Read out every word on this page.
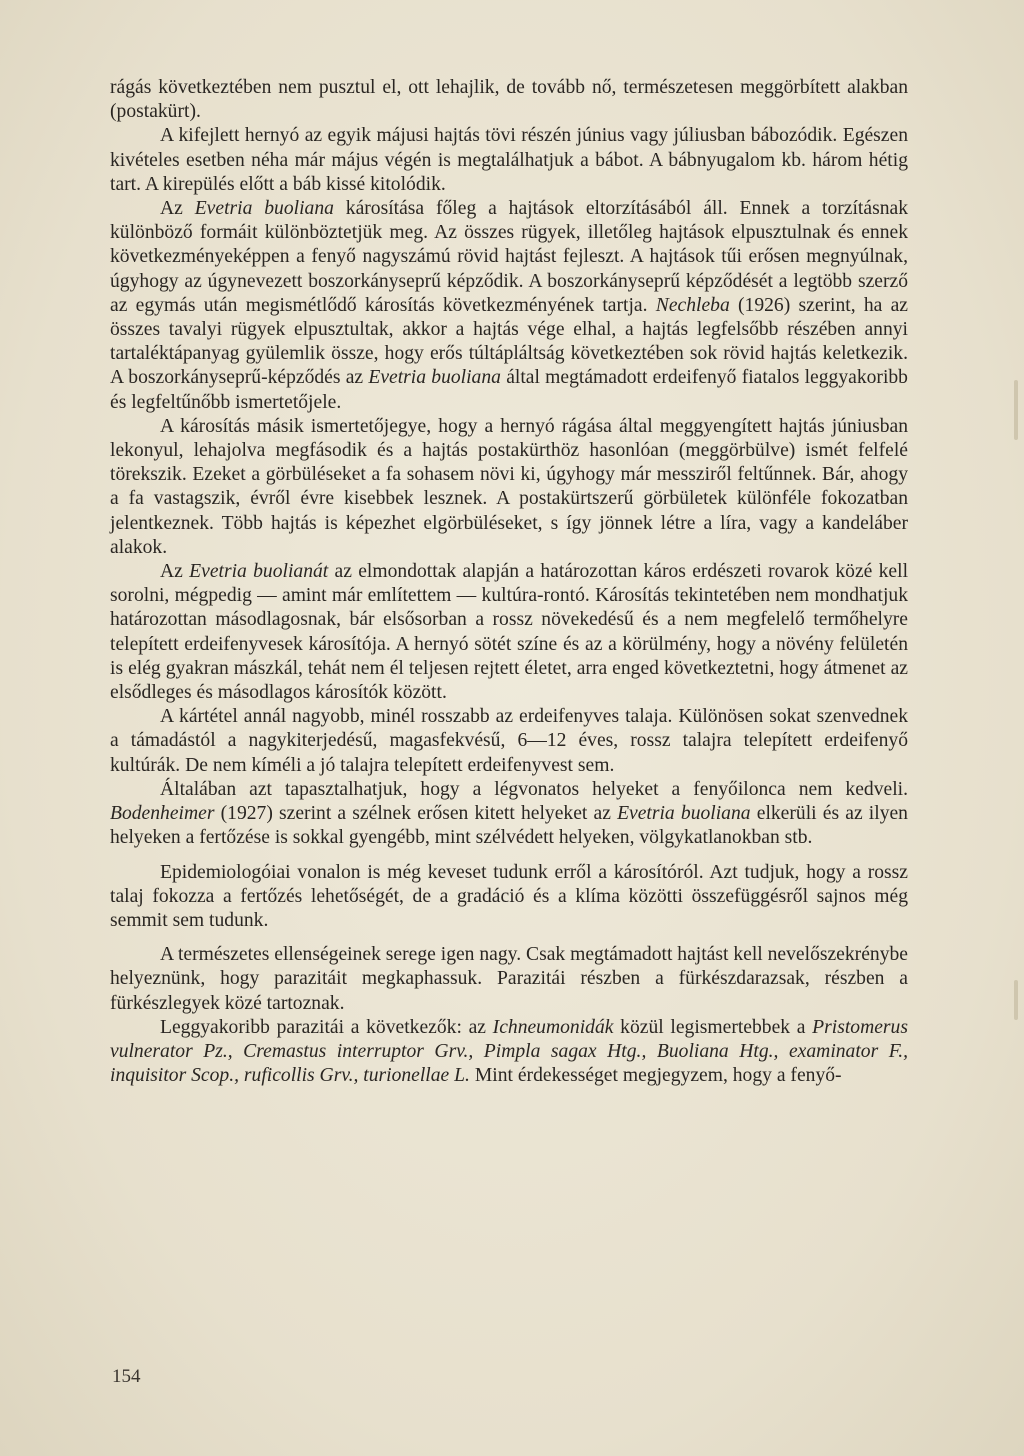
rágás következtében nem pusztul el, ott lehajlik, de tovább nő, természetesen meggörbített alakban (postakürt).

A kifejlett hernyó az egyik májusi hajtás tövi részén június vagy júliusban bábozódik. Egészen kivételes esetben néha már május végén is megtalálhatjuk a bábot. A bábnyugalom kb. három hétig tart. A kirepülés előtt a báb kissé kitolódik.

Az Evetria buoliana károsítása főleg a hajtások eltorzításából áll. Ennek a torzításnak különböző formáit különböztetjük meg. Az összes rügyek, illetőleg hajtások elpusztulnak és ennek következményeképpen a fenyő nagyszámú rövid hajtást fejleszt. A hajtások tűi erősen megnyúlnak, úgyhogy az úgynevezett boszorkányseprű képződik. A boszorkányseprű képződését a legtöbb szerző az egymás után megismétlődő károsítás következményének tartja. Nechleba (1926) szerint, ha az összes tavalyi rügyek elpusztultak, akkor a hajtás vége elhal, a hajtás legfelsőbb részében annyi tartaléktápanyag gyülemlik össze, hogy erős túltápláltság következtében sok rövid hajtás keletkezik. A boszorkányseprű-képződés az Evetria buoliana által megtámadott erdeifenyő fiatalos leggyakoribb és legfeltűnőbb ismertetőjele.

A károsítás másik ismertetőjegye, hogy a hernyó rágása által meggyengített hajtás júniusban lekonyul, lehajolva megfásodik és a hajtás postakürthöz hasonlóan (meggörbülve) ismét felfelé törekszik. Ezeket a görbüléseket a fa sohasem növi ki, úgyhogy már messziről feltűnnek. Bár, ahogy a fa vastagszik, évről évre kisebbek lesznek. A postakürtszerű görbületek különféle fokozatban jelentkeznek. Több hajtás is képezhet elgörbüléseket, s így jönnek létre a líra, vagy a kandeláber alakok.

Az Evetria buolianát az elmondottak alapján a határozottan káros erdészeti rovarok közé kell sorolni, mégpedig — amint már említettem — kultúra-rontó. Károsítás tekintetében nem mondhatjuk határozottan másodlagosnak, bár elsősorban a rossz növekedésű és a nem megfelelő termőhelyre telepített erdeifenyvesek károsítója. A hernyó sötét színe és az a körülmény, hogy a növény felületén is elég gyakran mászkál, tehát nem él teljesen rejtett életet, arra enged következtetni, hogy átmenet az elsődleges és másodlagos károsítók között.

A kártétel annál nagyobb, minél rosszabb az erdeifenyves talaja. Különösen sokat szenvednek a támadástól a nagykiterjedésű, magasfekvésű, 6—12 éves, rossz talajra telepített erdeifenyő kultúrák. De nem kíméli a jó talajra telepített erdeifenyvest sem.

Általában azt tapasztalhatjuk, hogy a légvonatos helyeket a fenyőilonca nem kedveli. Bodenheimer (1927) szerint a szélnek erősen kitett helyeket az Evetria buoliana elkerüli és az ilyen helyeken a fertőzése is sokkal gyengébb, mint szélvédett helyeken, völgykatlanokban stb.

Epidemiologóiai vonalon is még keveset tudunk erről a károsítóról. Azt tudjuk, hogy a rossz talaj fokozza a fertőzés lehetőségét, de a gradáció és a klíma közötti összefüggésről sajnos még semmit sem tudunk.

A természetes ellenségeinek serege igen nagy. Csak megtámadott hajtást kell nevelőszekrénybe helyeznünk, hogy parazitáit megkaphassuk. Parazitái részben a fürkészdarazsak, részben a fürkészlegyek közé tartoznak.

Leggyakoribb parazitái a következők: az Ichneumonidák közül legismertebbek a Pristomerus vulnerator Pz., Cremastus interruptor Grv., Pimpla sagax Htg., Buoliana Htg., examinator F., inquisitor Scop., ruficollis Grv., turionellae L. Mint érdekességet megjegyzem, hogy a fenyő-

154
